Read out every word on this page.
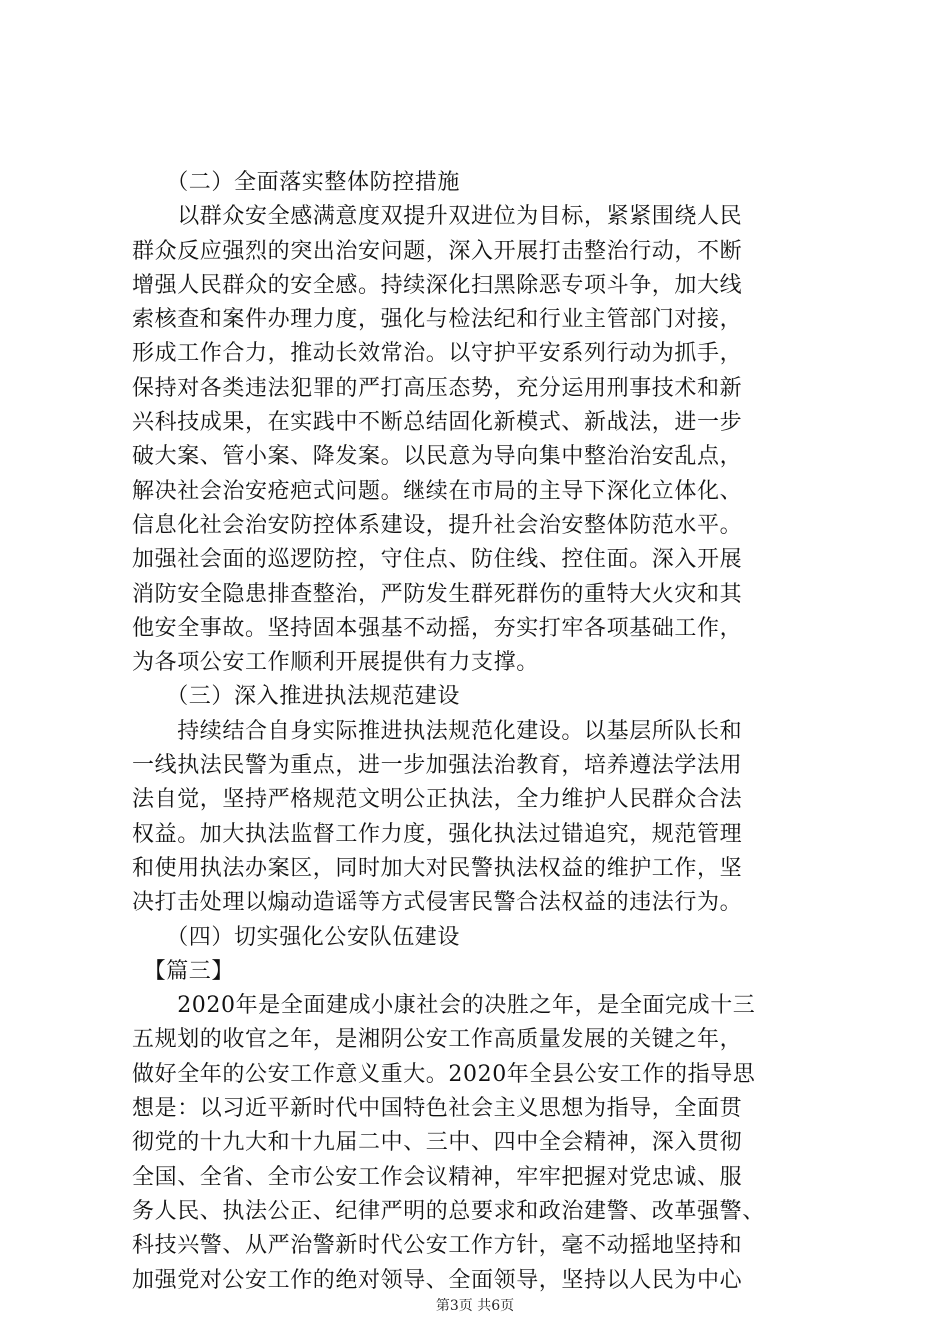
　　（二）全面落实整体防控措施
　　以群众安全感满意度双提升双进位为目标，紧紧围绕人民
群众反应强烈的突出治安问题，深入开展打击整治行动，不断
增强人民群众的安全感。持续深化扫黑除恶专项斗争，加大线
索核查和案件办理力度，强化与检法纪和行业主管部门对接，
形成工作合力，推动长效常治。以守护平安系列行动为抓手，
保持对各类违法犯罪的严打高压态势，充分运用刑事技术和新
兴科技成果，在实践中不断总结固化新模式、新战法，进一步
破大案、管小案、降发案。以民意为导向集中整治治安乱点，
解决社会治安疮疤式问题。继续在市局的主导下深化立体化、
信息化社会治安防控体系建设，提升社会治安整体防范水平。
加强社会面的巡逻防控，守住点、防住线、控住面。深入开展
消防安全隐患排查整治，严防发生群死群伤的重特大火灾和其
他安全事故。坚持固本强基不动摇，夯实打牢各项基础工作，
为各项公安工作顺利开展提供有力支撑。
　　（三）深入推进执法规范建设
　　持续结合自身实际推进执法规范化建设。以基层所队长和
一线执法民警为重点，进一步加强法治教育，培养遵法学法用
法自觉，坚持严格规范文明公正执法，全力维护人民群众合法
权益。加大执法监督工作力度，强化执法过错追究，规范管理
和使用执法办案区，同时加大对民警执法权益的维护工作，坚
决打击处理以煽动造谣等方式侵害民警合法权益的违法行为。
　　（四）切实强化公安队伍建设
　【篇三】
　　2020年是全面建成小康社会的决胜之年，是全面完成十三
五规划的收官之年，是湘阴公安工作高质量发展的关键之年，
做好全年的公安工作意义重大。2020年全县公安工作的指导思
想是：以习近平新时代中国特色社会主义思想为指导，全面贯
彻党的十九大和十九届二中、三中、四中全会精神，深入贯彻
全国、全省、全市公安工作会议精神，牢牢把握对党忠诚、服
务人民、执法公正、纪律严明的总要求和政治建警、改革强警、
科技兴警、从严治警新时代公安工作方针，毫不动摇地坚持和
加强党对公安工作的绝对领导、全面领导，坚持以人民为中心
第3页 共6页
